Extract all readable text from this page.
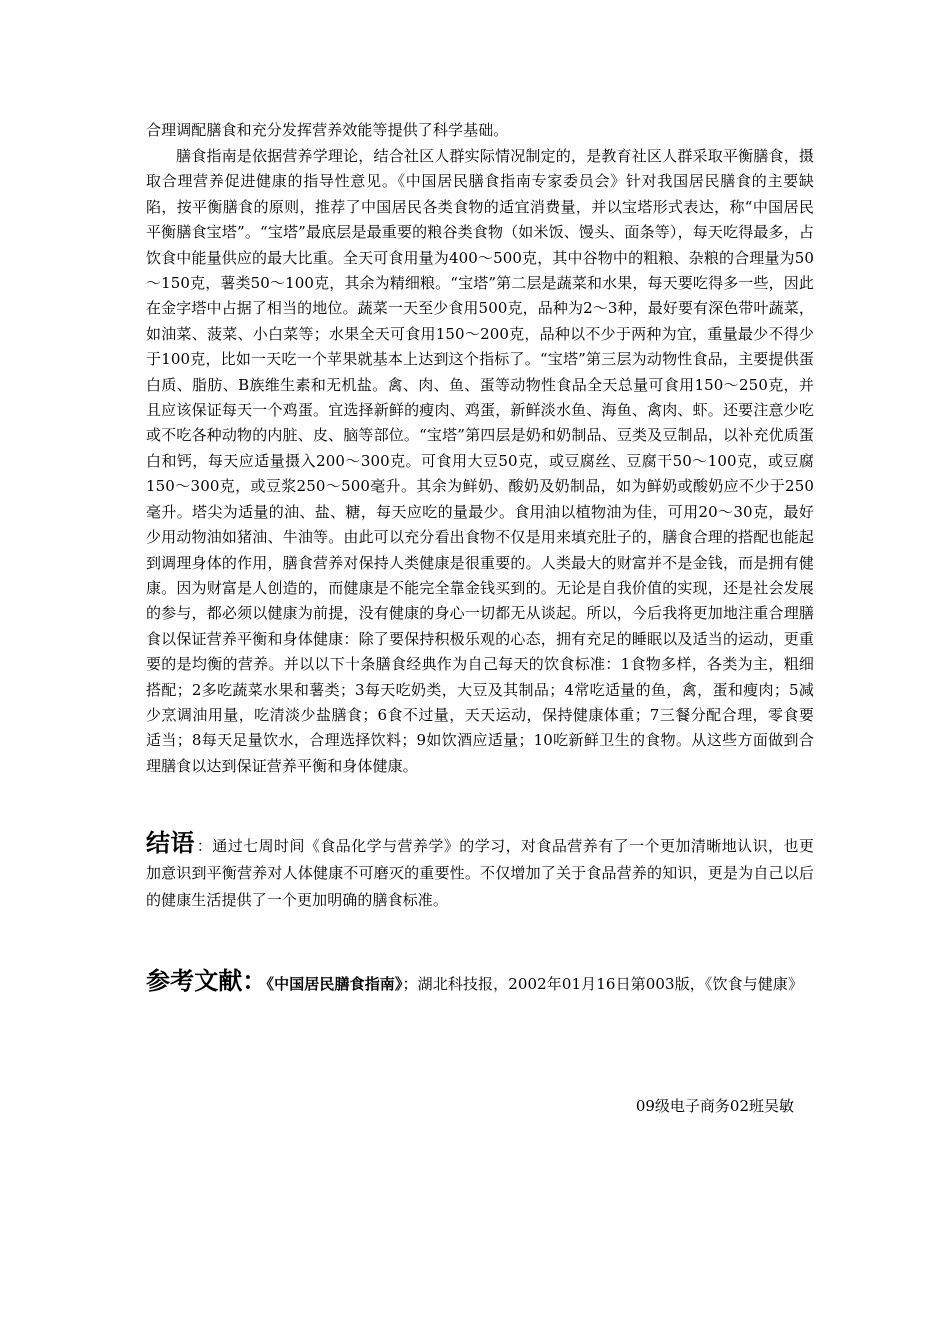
合理调配膳食和充分发挥营养效能等提供了科学基础。
膳食指南是依据营养学理论，结合社区人群实际情况制定的，是教育社区人群采取平衡膳食，摄取合理营养促进健康的指导性意见。《中国居民膳食指南专家委员会》针对我国居民膳食的主要缺陷，按平衡膳食的原则，推荐了中国居民各类食物的适宜消费量，并以宝塔形式表达，称“中国居民平衡膳食宝塔”。“宝塔”最底层是最重要的粮谷类食物（如米饭、馒头、面条等），每天吃得最多，占饮食中能量供应的最大比重。全天可食用量为400～500克，其中谷物中的粗粮、杂粮的合理量为50～150克，薯类50～100克，其余为精细粮。“宝塔”第二层是蔬菜和水果，每天要吃得多一些，因此在金字塔中占据了相当的地位。蔬菜一天至少食用500克，品种为2～3种，最好要有深色带叶蔬菜，如油菜、菠菜、小白菜等；水果全天可食用150～200克，品种以不少于两种为宜，重量最少不得少于100克，比如一天吃一个苹果就基本上达到这个指标了。“宝塔”第三层为动物性食品，主要提供蛋白质、脂肪、B族维生素和无机盐。禽、肉、鱼、蛋等动物性食品全天总量可食用150～250克，并且应该保证每天一个鸡蛋。宜选择新鲜的瘦肉、鸡蛋，新鲜淡水鱼、海鱼、禽肉、虾。还要注意少吃或不吃各种动物的内脏、皮、脑等部位。“宝塔”第四层是奶和奶制品、豆类及豆制品，以补充优质蛋白和钙，每天应适量摄入200～300克。可食用大豆50克，或豆腐丝、豆腐干50～100克，或豆腐150～300克，或豆浆250～500毫升。其余为鲜奶、酸奶及奶制品，如为鲜奶或酸奶应不少于250毫升。塔尖为适量的油、盐、糖，每天应吃的量最少。食用油以植物油为佳，可用20～30克，最好少用动物油如猪油、牛油等。由此可以充分看出食物不仅是用来填充肚子的，膳食合理的搭配也能起到调理身体的作用，膳食营养对保持人类健康是很重要的。人类最大的财富并不是金钱，而是拥有健康。因为财富是人创造的，而健康是不能完全靠金钱买到的。无论是自我价值的实现，还是社会发展的参与，都必须以健康为前提，没有健康的身心一切都无从谈起。所以，今后我将更加地注重合理膳食以保证营养平衡和身体健康：除了要保持积极乐观的心态，拥有充足的睡眠以及适当的运动，更重要的是均衡的营养。并以以下十条膳食经典作为自己每天的饮食标准：1食物多样，各类为主，粗细搭配；2多吃蔬菜水果和薯类；3每天吃奶类，大豆及其制品；4常吃适量的鱼，禽，蛋和瘦肉；5减少烹调油用量，吃清淡少盐膳食；6食不过量，天天运动，保持健康体重；7三餐分配合理，零食要适当；8每天足量饮水，合理选择饮料；9如饮酒应适量；10吃新鲜卫生的食物。从这些方面做到合理膳食以达到保证营养平衡和身体健康。
结语 ：通过七周时间《食品化学与营养学》的学习，对食品营养有了一个更加清晰地认识，也更加意识到平衡营养对人体健康不可磨灭的重要性。不仅增加了关于食品营养的知识，更是为自己以后的健康生活提供了一个更加明确的膳食标准。
参考文献：《中国居民膳食指南》；湖北科技报，2002年01月16日第003版，《饮食与健康》
09级电子商务02班吴敏
